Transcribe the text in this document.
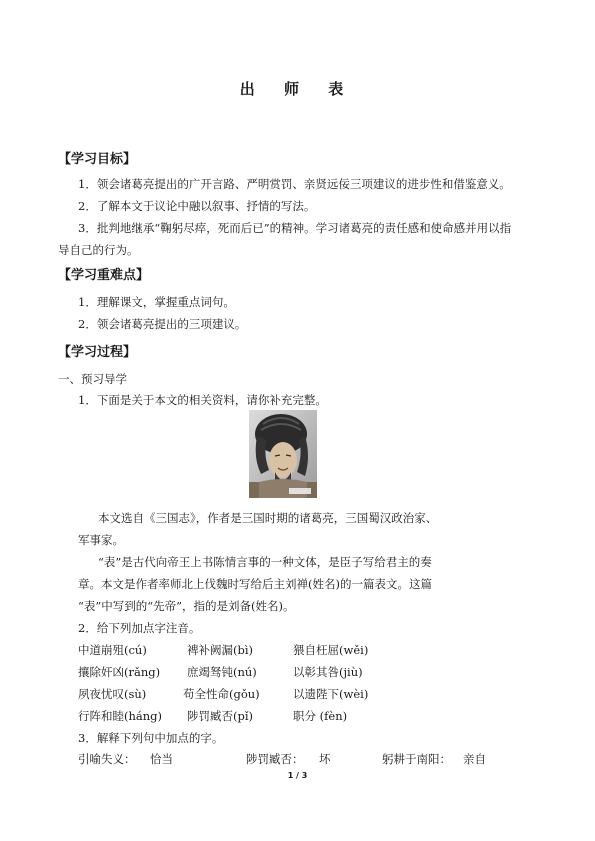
出 师 表
【学习目标】
1．领会诸葛亮提出的广开言路、严明赏罚、亲贤远佞三项建议的进步性和借鉴意义。
2．了解本文于议论中融以叙事、抒情的写法。
3．批判地继承“鞠躬尽瘁，死而后已”的精神。学习诸葛亮的责任感和使命感并用以指
导自己的行为。
【学习重难点】
1．理解课文，掌握重点词句。
2．领会诸葛亮提出的三项建议。
【学习过程】
一、预习导学
1．下面是关于本文的相关资料，请你补充完整。
本文选自《三国志》，作者是三国时期的诸葛亮，三国蜀汉政治家、
军事家。
“表”是古代向帝王上书陈情言事的一种文体，是臣子写给君主的奏
章。本文是作者率师北上伐魏时写给后主刘禅(姓名)的一篇表文。这篇
“表”中写到的“先帝”，指的是刘备(姓名)。
2．给下列加点字注音。
中道崩殂(cú)	裨补阙漏(bì)	猥自枉屈(wěi)
攘除奸凶(rǎng) 庶竭驽钝(nú)	以彰其咎(jiù)
夙夜忧叹(sù)	苟全性命(gǒu)	以遗陛下(wèi)
行阵和睦(háng) 陟罚臧否(pǐ)	职分 (fèn)
3．解释下列句中加点的字。
引喻失义： 恰当	陟罚臧否： 坏	躬耕于南阳： 亲自
1 / 3
